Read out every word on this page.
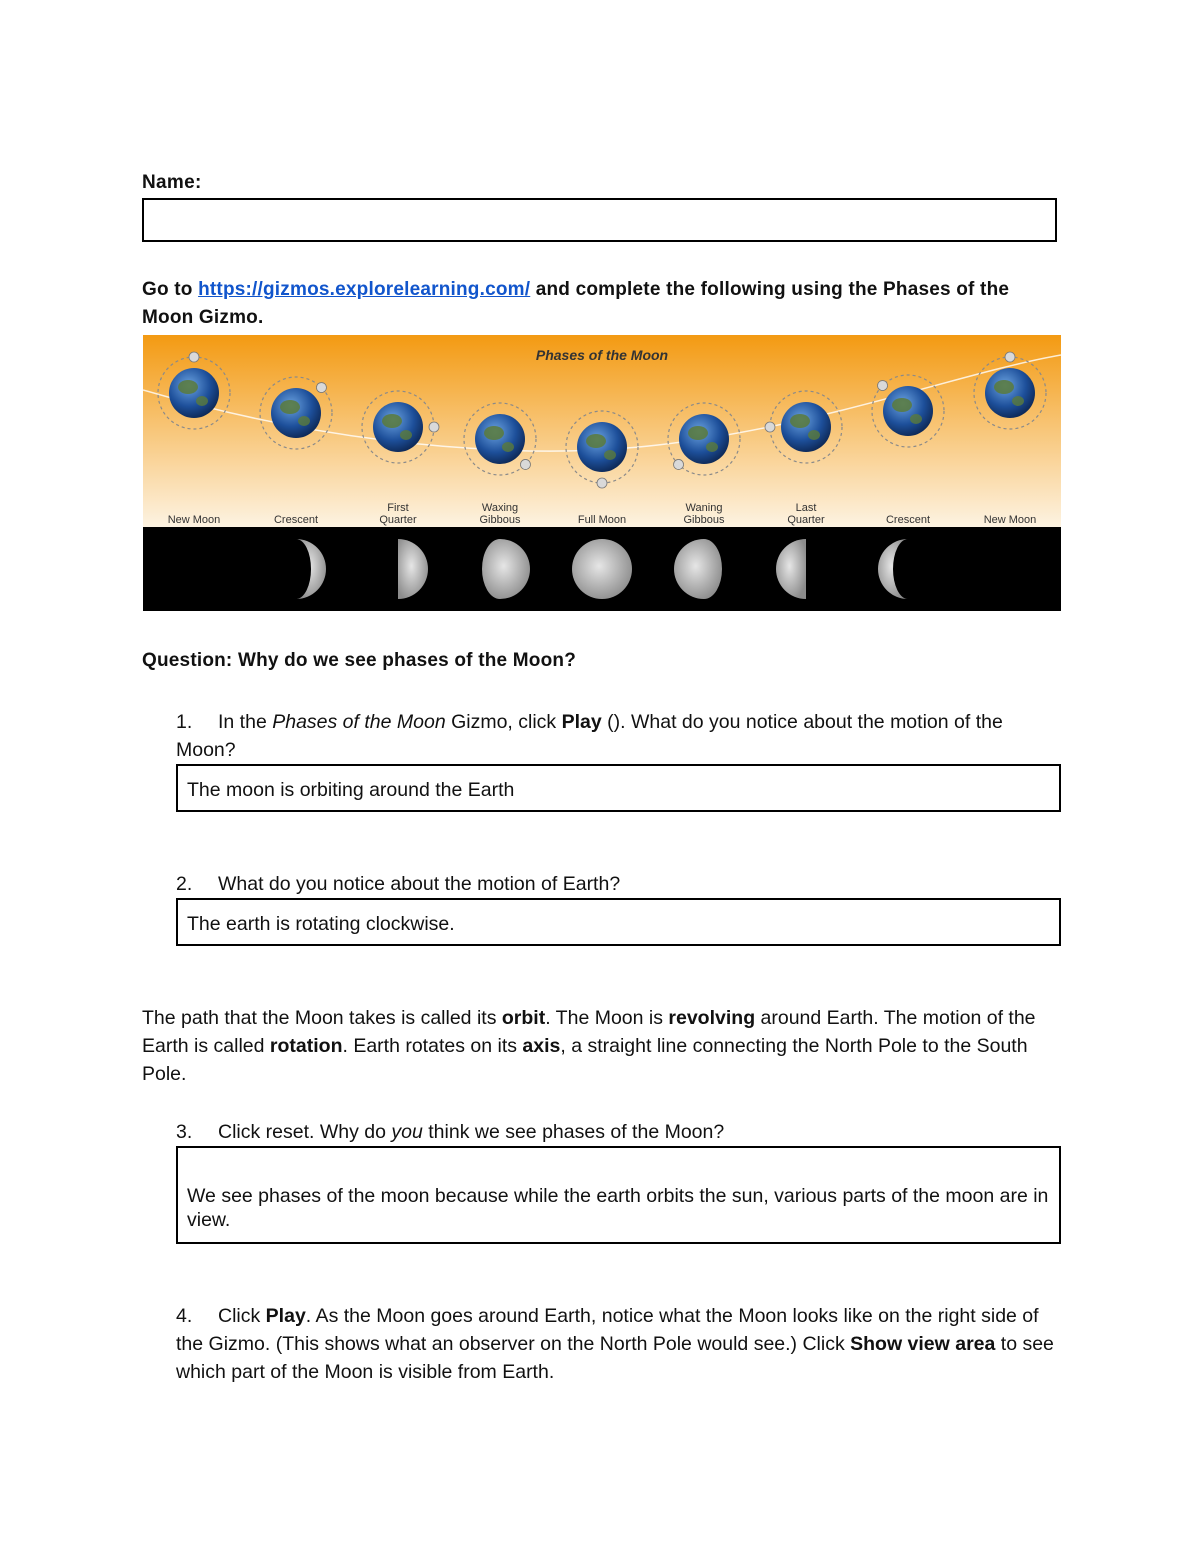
Name:
Go to https://gizmos.explorelearning.com/ and complete the following using the Phases of the Moon Gizmo.
Phases of the Moon
New Moon	Crescent
First
Quarter
Waxing
Gibbous	Full Moon
Waning
Gibbous
Last
Quarter	Crescent	New Moon
Question: Why do we see phases of the Moon?
1. In the Phases of the Moon Gizmo, click Play (). What do you notice about the motion of the Moon?
The moon is orbiting around the Earth
2. What do you notice about the motion of Earth?
The earth is rotating clockwise.
The path that the Moon takes is called its orbit. The Moon is revolving around Earth. The motion of the Earth is called rotation. Earth rotates on its axis, a straight line connecting the North Pole to the South Pole.
3. Click reset. Why do you think we see phases of the Moon?
We see phases of the moon because while the earth orbits the sun, various parts of the moon are in view.
4. Click Play. As the Moon goes around Earth, notice what the Moon looks like on the right side of the Gizmo. (This shows what an observer on the North Pole would see.) Click Show view area to see which part of the Moon is visible from Earth.
